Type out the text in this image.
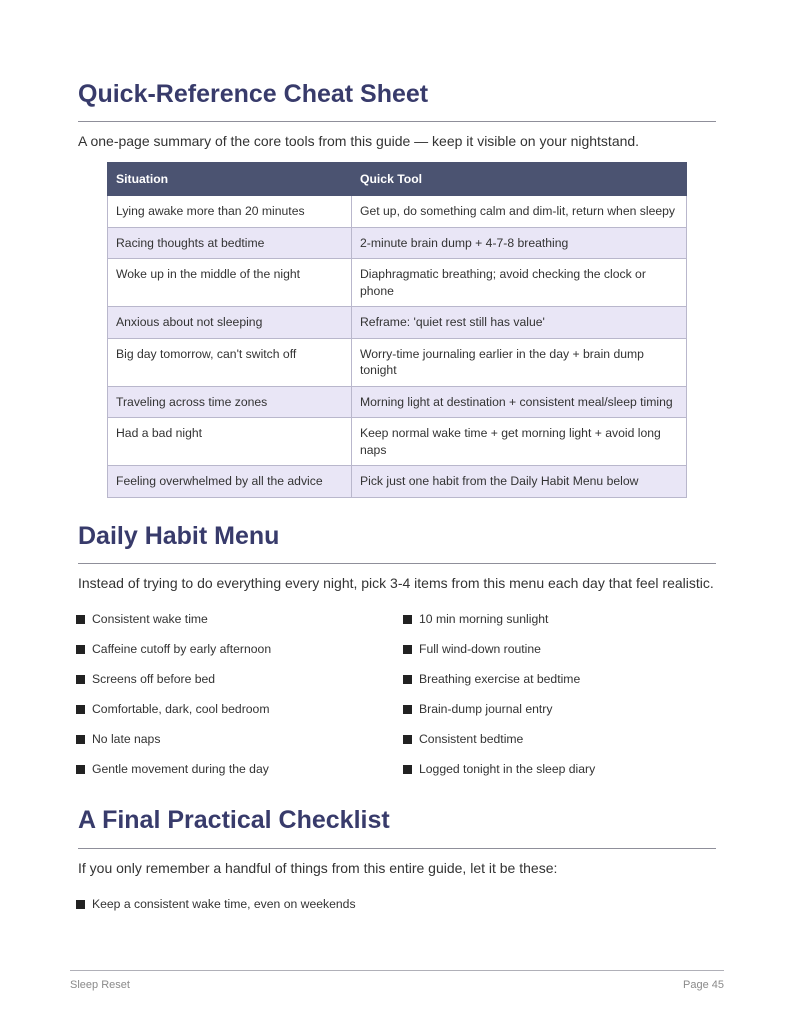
Quick-Reference Cheat Sheet

A one-page summary of the core tools from this guide — keep it visible on your nightstand.

Situation	Quick Tool
Lying awake more than 20 minutes	Get up, do something calm and dim-lit, return when sleepy
Racing thoughts at bedtime	2-minute brain dump + 4-7-8 breathing
Woke up in the middle of the night	Diaphragmatic breathing; avoid checking the clock or phone
Anxious about not sleeping	Reframe: 'quiet rest still has value'
Big day tomorrow, can't switch off	Worry-time journaling earlier in the day + brain dump tonight
Traveling across time zones	Morning light at destination + consistent meal/sleep timing
Had a bad night	Keep normal wake time + get morning light + avoid long naps
Feeling overwhelmed by all the advice	Pick just one habit from the Daily Habit Menu below
Daily Habit Menu

Instead of trying to do everything every night, pick 3-4 items from this menu each day that feel realistic.

Consistent wake time
Caffeine cutoff by early afternoon
Screens off before bed
Comfortable, dark, cool bedroom
No late naps
Gentle movement during the day
10 min morning sunlight
Full wind-down routine
Breathing exercise at bedtime
Brain-dump journal entry
Consistent bedtime
Logged tonight in the sleep diary
A Final Practical Checklist

If you only remember a handful of things from this entire guide, let it be these:

Keep a consistent wake time, even on weekends
Sleep Reset	Page 45
